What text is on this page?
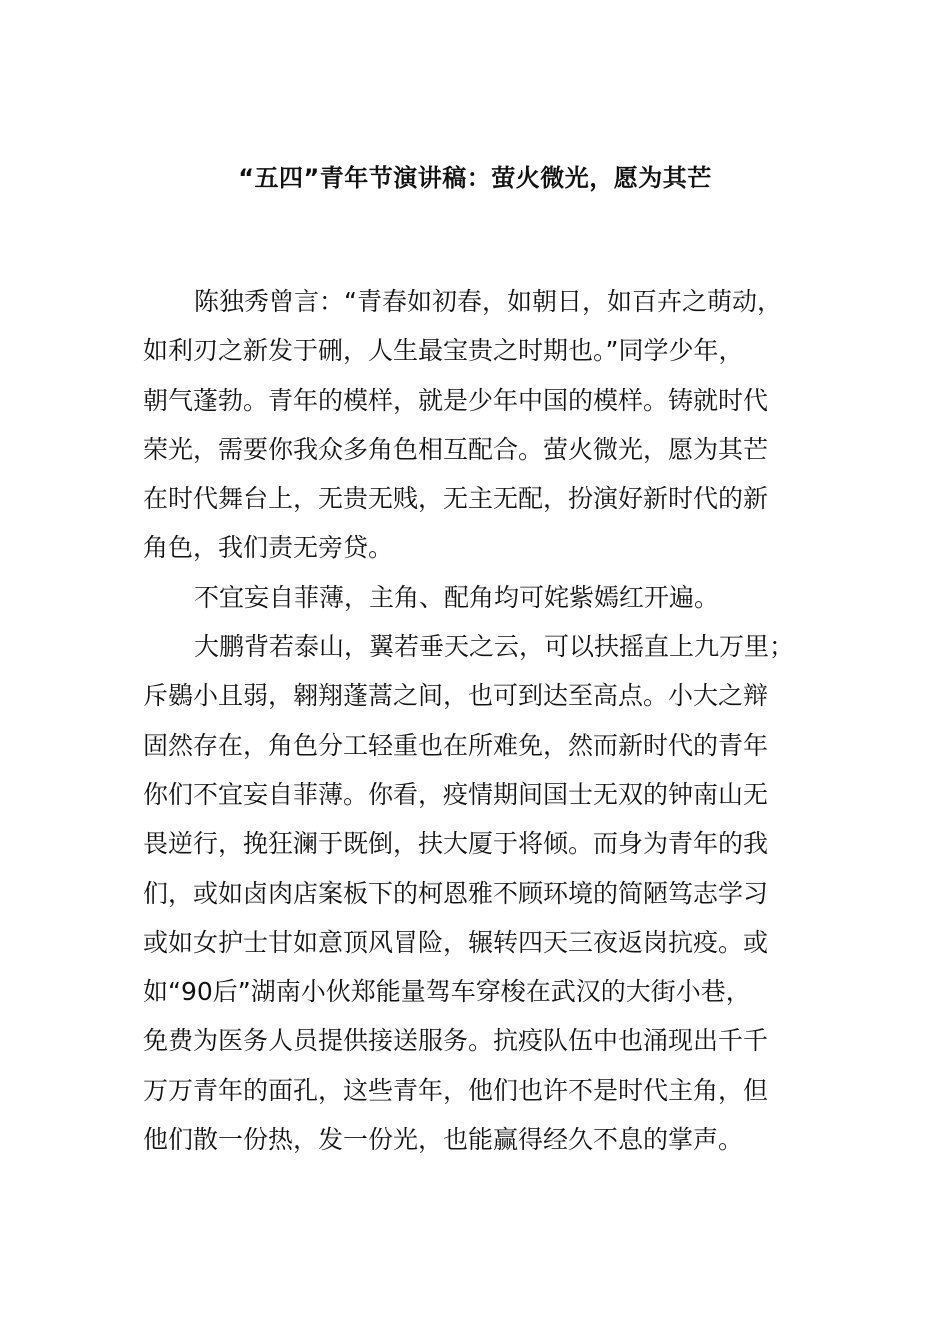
“五四”青年节演讲稿：萤火微光，愿为其芒
陈独秀曾言：“青春如初春，如朝日，如百卉之萌动，
如利刃之新发于硎，人生最宝贵之时期也。”同学少年，
朝气蓬勃。青年的模样，就是少年中国的模样。铸就时代
荣光，需要你我众多角色相互配合。萤火微光，愿为其芒
在时代舞台上，无贵无贱，无主无配，扮演好新时代的新
角色，我们责无旁贷。
不宜妄自菲薄，主角、配角均可姹紫嫣红开遍。
大鹏背若泰山，翼若垂天之云，可以扶摇直上九万里；
斥鷃小且弱，翱翔蓬蒿之间，也可到达至高点。小大之辩
固然存在，角色分工轻重也在所难免，然而新时代的青年
你们不宜妄自菲薄。你看，疫情期间国士无双的钟南山无
畏逆行，挽狂澜于既倒，扶大厦于将倾。而身为青年的我
们，或如卤肉店案板下的柯恩雅不顾环境的简陋笃志学习
或如女护士甘如意顶风冒险，辗转四天三夜返岗抗疫。或
如“90后”湖南小伙郑能量驾车穿梭在武汉的大街小巷，
免费为医务人员提供接送服务。抗疫队伍中也涌现出千千
万万青年的面孔，这些青年，他们也许不是时代主角，但
他们散一份热，发一份光，也能赢得经久不息的掌声。
